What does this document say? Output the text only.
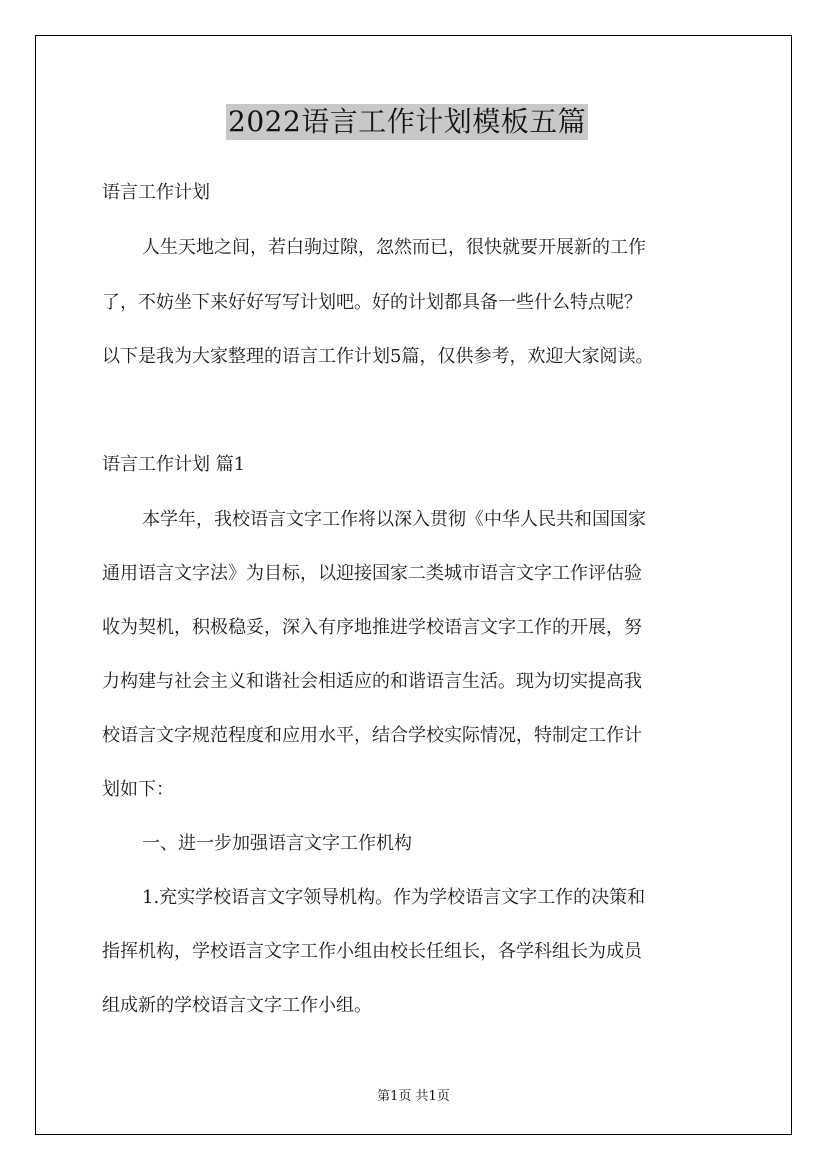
2022语言工作计划模板五篇
语言工作计划
人生天地之间，若白驹过隙，忽然而已，很快就要开展新的工作
了，不妨坐下来好好写写计划吧。好的计划都具备一些什么特点呢？
以下是我为大家整理的语言工作计划5篇，仅供参考，欢迎大家阅读。
语言工作计划 篇1
本学年，我校语言文字工作将以深入贯彻《中华人民共和国国家
通用语言文字法》为目标，以迎接国家二类城市语言文字工作评估验
收为契机，积极稳妥，深入有序地推进学校语言文字工作的开展，努
力构建与社会主义和谐社会相适应的和谐语言生活。现为切实提高我
校语言文字规范程度和应用水平，结合学校实际情况，特制定工作计
划如下：
一、进一步加强语言文字工作机构
1.充实学校语言文字领导机构。作为学校语言文字工作的决策和
指挥机构，学校语言文字工作小组由校长任组长，各学科组长为成员
组成新的学校语言文字工作小组。
第1页 共1页
